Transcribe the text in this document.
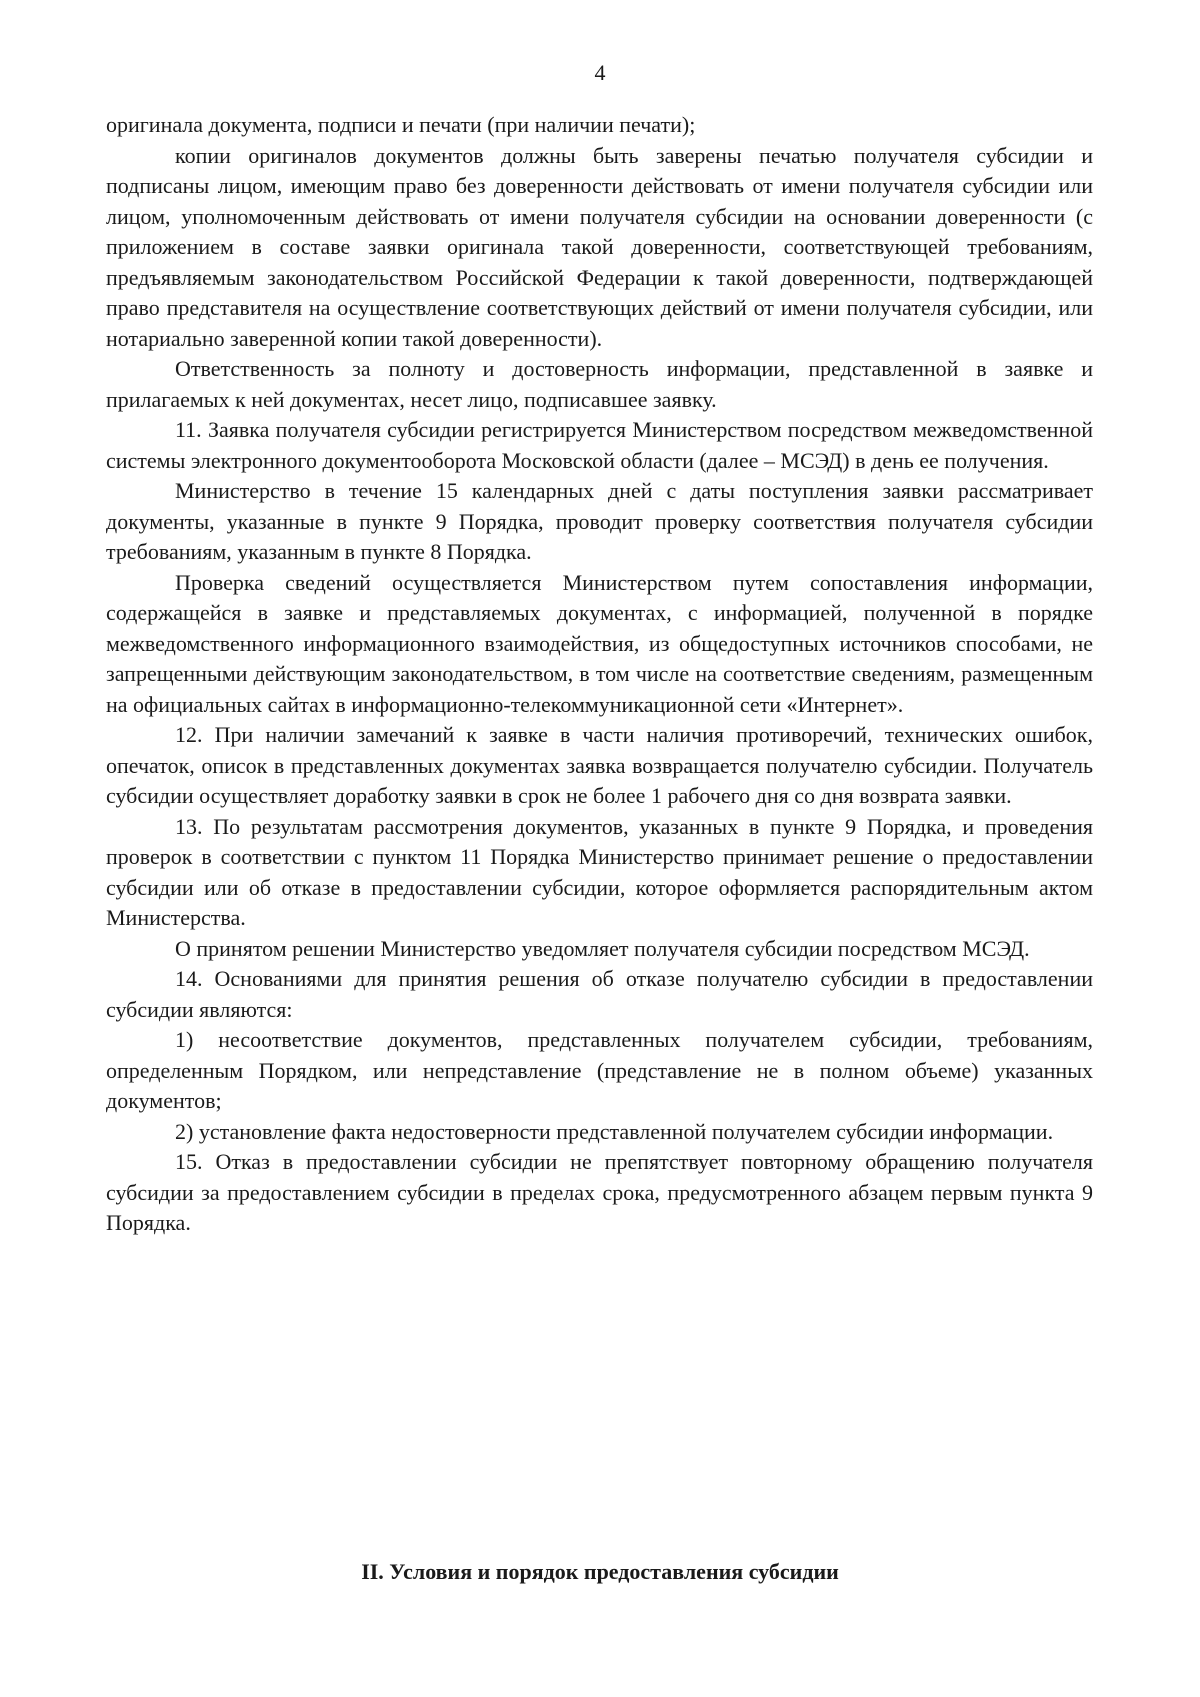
4

оригинала документа, подписи и печати (при наличии печати);

копии оригиналов документов должны быть заверены печатью получателя субсидии и подписаны лицом, имеющим право без доверенности действовать от имени получателя субсидии или лицом, уполномоченным действовать от имени получателя субсидии на основании доверенности (с приложением в составе заявки оригинала такой доверенности, соответствующей требованиям, предъявляемым законодательством Российской Федерации к такой доверенности, подтверждающей право представителя на осуществление соответствующих действий от имени получателя субсидии, или нотариально заверенной копии такой доверенности).

Ответственность за полноту и достоверность информации, представленной в заявке и прилагаемых к ней документах, несет лицо, подписавшее заявку.

11. Заявка получателя субсидии регистрируется Министерством посредством межведомственной системы электронного документооборота Московской области (далее – МСЭД) в день ее получения.

Министерство в течение 15 календарных дней с даты поступления заявки рассматривает документы, указанные в пункте 9 Порядка, проводит проверку соответствия получателя субсидии требованиям, указанным в пункте 8 Порядка.

Проверка сведений осуществляется Министерством путем сопоставления информации, содержащейся в заявке и представляемых документах, с информацией, полученной в порядке межведомственного информационного взаимодействия, из общедоступных источников способами, не запрещенными действующим законодательством, в том числе на соответствие сведениям, размещенным на официальных сайтах в информационно-телекоммуникационной сети «Интернет».

12. При наличии замечаний к заявке в части наличия противоречий, технических ошибок, опечаток, описок в представленных документах заявка возвращается получателю субсидии. Получатель субсидии осуществляет доработку заявки в срок не более 1 рабочего дня со дня возврата заявки.

13. По результатам рассмотрения документов, указанных в пункте 9 Порядка, и проведения проверок в соответствии с пунктом 11 Порядка Министерство принимает решение о предоставлении субсидии или об отказе в предоставлении субсидии, которое оформляется распорядительным актом Министерства.

О принятом решении Министерство уведомляет получателя субсидии посредством МСЭД.

14. Основаниями для принятия решения об отказе получателю субсидии в предоставлении субсидии являются:

1) несоответствие документов, представленных получателем субсидии, требованиям, определенным Порядком, или непредставление (представление не в полном объеме) указанных документов;

2) установление факта недостоверности представленной получателем субсидии информации.

15. Отказ в предоставлении субсидии не препятствует повторному обращению получателя субсидии за предоставлением субсидии в пределах срока, предусмотренного абзацем первым пункта 9 Порядка.

II. Условия и порядок предоставления субсидии
